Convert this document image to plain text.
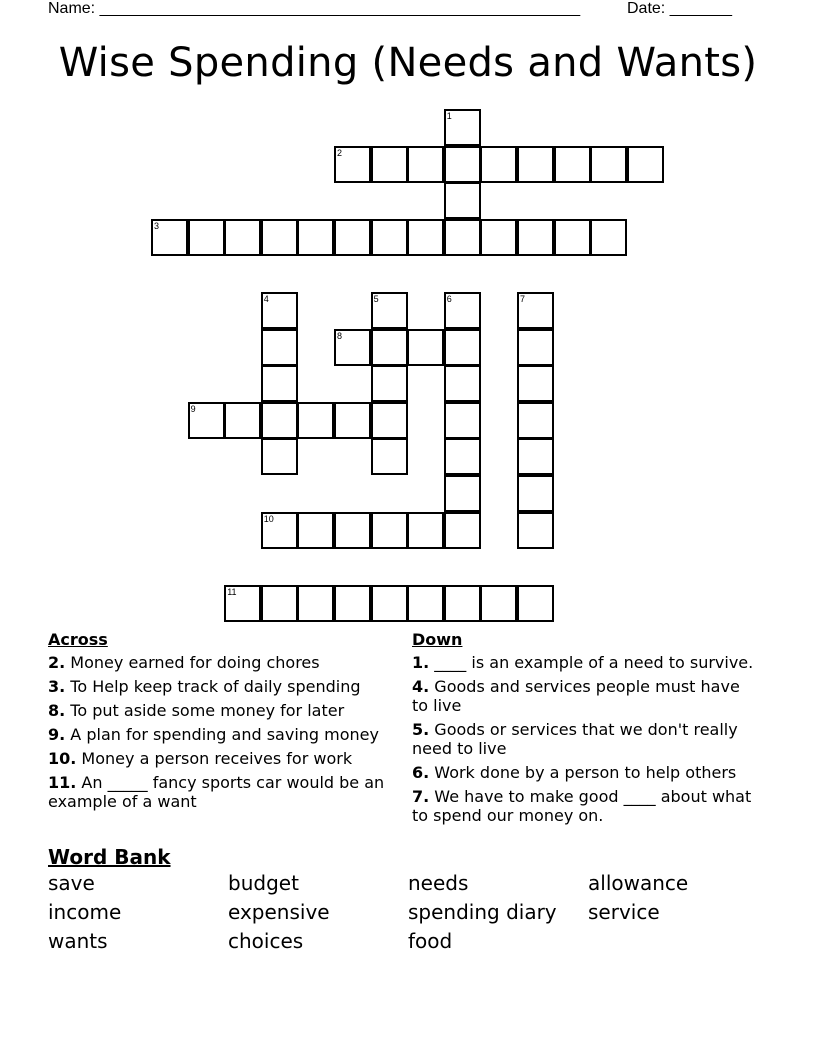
Name: ______________________________________________________	Date: _______
Wise Spending (Needs and Wants)
1
2
3
4	5	6	7
8
9
10
11
Across
2. Money earned for doing chores
3. To Help keep track of daily spending
8. To put aside some money for later
9. A plan for spending and saving money
10. Money a person receives for work
11. An _____ fancy sports car would be an example of a want
Down
1. ____ is an example of a need to survive.
4. Goods and services people must have to live
5. Goods or services that we don't really need to live
6. Work done by a person to help others
7. We have to make good ____ about what to spend our money on.
Word Bank
save	budget	needs	allowance
income	expensive	spending diary	service
wants	choices	food
